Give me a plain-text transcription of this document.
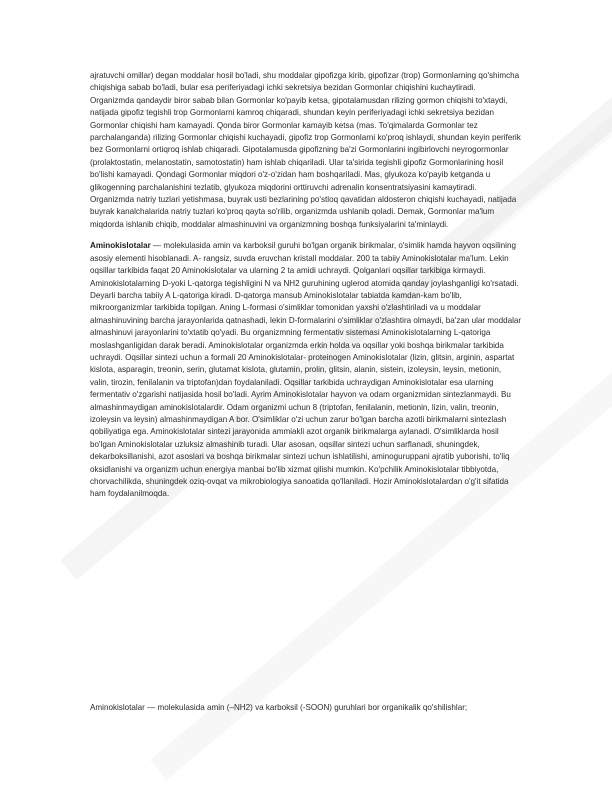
ajratuvchi omillar) degan moddalar hosil bo'ladi, shu moddalar gipofizga kirib, gipofizar (trop) Gormonlarning qo'shimcha chiqishiga sabab bo'ladi, bular esa periferiyadagi ichki sekretsiya bezidan Gormonlar chiqishini kuchaytiradi. Organizmda qandaydir biror sabab bilan Gormonlar ko'payib ketsa, gipotalamusdan rilizing gormon chiqishi to'xtaydi, natijada gipofiz tegishli trop Gormonlarni kamroq chiqaradi, shundan keyin periferiyadagi ichki sekretsiya bezidan Gormonlar chiqishi ham kamayadi. Qonda biror Gormonlar kamayib ketsa (mas. To'qimalarda Gormonlar tez parchalanganda) rilizing Gormonlar chiqishi kuchayadi, gipofiz trop Gormonlarni ko'proq ishlaydi, shundan keyin periferik bez Gormonlarni ortiqroq ishlab chiqaradi. Gipotalamusda gipofizning ba'zi Gormonlarini ingibirlovchi neyrogormonlar (prolaktostatin, melanostatin, samotostatin) ham ishlab chiqariladi. Ular ta'sirida tegishli gipofiz Gormonlarining hosil bo'lishi kamayadi. Qondagi Gormonlar miqdori o'z-o'zidan ham boshqariladi. Mas, glyukoza ko'payib ketganda u glikogenning parchalanishini tezlatib, glyukoza miqdorini orttiruvchi adrenalin konsentratsiyasini kamaytiradi. Organizmda natriy tuzlari yetishmasa, buyrak usti bezlarining po'stloq qavatidan aldosteron chiqishi kuchayadi, natijada buyrak kanalchalarida natriy tuzlari ko'proq qayta so'rilib, organizmda ushlanib qoladi. Demak, Gormonlar ma'lum miqdorda ishlanib chiqib, moddalar almashinuvini va organizmning boshqa funksiyalarini ta'minlaydi.

Aminokislotalar — molekulasida amin va karboksil guruhi bo'lgan organik birikmalar, o'simlik hamda hayvon oqsilining asosiy elementi hisoblanadi. A- rangsiz, suvda eruvchan kristall moddalar. 200 ta tabiiy Aminokislotalar ma'lum. Lekin oqsillar tarkibida faqat 20 Aminokislotalar va ularning 2 ta amidi uchraydi. Qolganlari oqsillar tarkibiga kirmaydi. Aminokislotalarning D-yoki L-qatorga tegishligini N va NH2 guruhining uglerod atomida qanday joylashganligi ko'rsatadi. Deyarli barcha tabiiy A L-qatoriga kiradi. D-qatorga mansub Aminokislotalar tabiatda kamdan-kam bo'lib, mikroorganizmlar tarkibida topilgan. Aning L-formasi o'simliklar tomonidan yaxshi o'zlashtiriladi va u moddalar almashinuvining barcha jarayonlarida qatnashadi, lekin D-formalarini o'simliklar o'zlashtira olmaydi, ba'zan ular moddalar almashinuvi jarayonlarini to'xtatib qo'yadi. Bu organizmning fermentativ sistemasi Aminokislotalarning L-qatoriga moslashganligidan darak beradi. Aminokislotalar organizmda erkin holda va oqsillar yoki boshqa birikmalar tarkibida uchraydi. Oqsillar sintezi uchun a formali 20 Aminokislotalar- proteinogen Aminokislotalar (lizin, glitsin, arginin, aspartat kislota, asparagin, treonin, serin, glutamat kislota, glutamin, prolin, glitsin, alanin, sistein, izoleysin, leysin, metionin, valin, tirozin, fenilalanin va triptofan)dan foydalaniladi. Oqsillar tarkibida uchraydigan Aminokislotalar esa ularning fermentativ o'zgarishi natijasida hosil bo'ladi. Ayrim Aminokislotalar hayvon va odam organizmidan sintezlanmaydi. Bu almashinmaydigan aminokislotalardir. Odam organizmi uchun 8 (triptofan, fenilalanin, metionin, lizin, valin, treonin, izoleysin va leysin) almashinmaydigan A bor. O'simliklar o'zi uchun zarur bo'lgan barcha azotli birikmalarni sintezlash qobiliyatiga ega. Aminokislotalar sintezi jarayonida ammiakli azot organik birikmalarga aylanadi. O'simliklarda hosil bo'lgan Aminokislotalar uzluksiz almashinib turadi. Ular asosan, oqsillar sintezi uchun sarflanadi, shuningdek, dekarboksillanishi, azot asoslari va boshqa birikmalar sintezi uchun ishlatilishi, aminoguruppani ajratib yuborishi, to'liq oksidlanishi va organizm uchun energiya manbai bo'lib xizmat qilishi mumkin. Ko'pchilik Aminokislotalar tibbiyotda, chorvachilikda, shuningdek oziq-ovqat va mikrobiologiya sanoatida qo'llaniladi. Hozir Aminokislotalardan o'g'it sifatida ham foydalanilmoqda.

Aminokislotalar — molekulasida amin (–NH2) va karboksil (-SOON) guruhlari bor organikalik qo'shilishlar;
